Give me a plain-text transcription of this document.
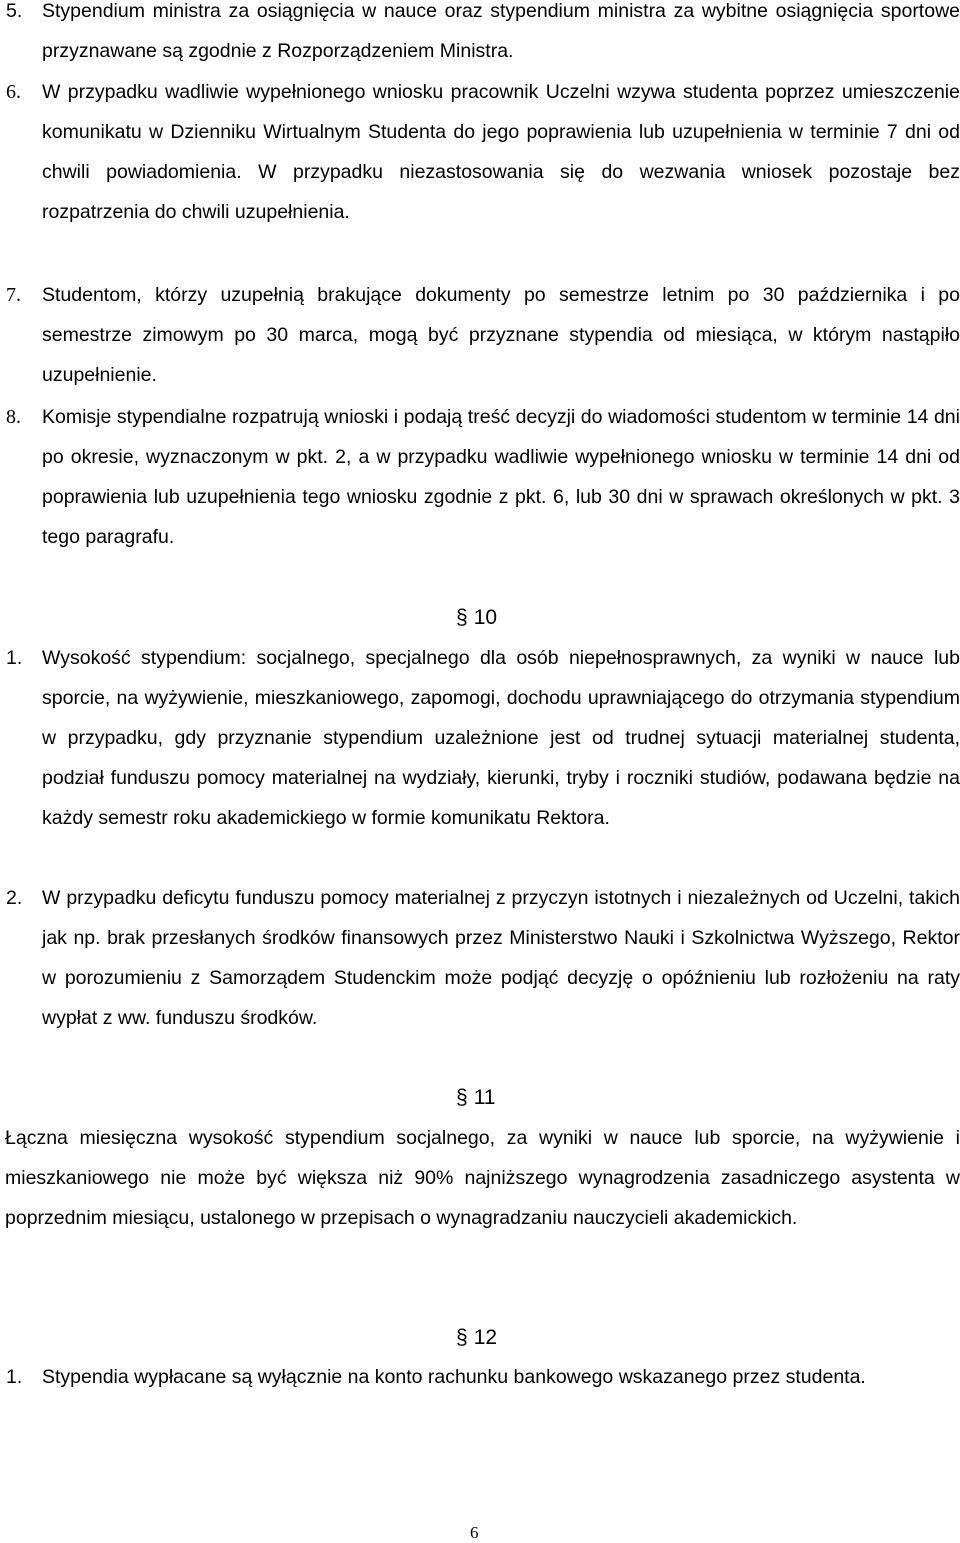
5.	Stypendium ministra za osiągnięcia w nauce oraz stypendium ministra za wybitne osiągnięcia sportowe przyznawane są zgodnie z Rozporządzeniem Ministra.
6.	W przypadku wadliwie wypełnionego wniosku pracownik Uczelni wzywa studenta poprzez umieszczenie komunikatu w Dzienniku Wirtualnym Studenta do jego poprawienia lub uzupełnienia w terminie 7 dni od chwili powiadomienia. W przypadku niezastosowania się do wezwania wniosek pozostaje bez rozpatrzenia do chwili uzupełnienia.
7.	Studentom, którzy uzupełnią brakujące dokumenty po semestrze letnim po 30 października i po semestrze zimowym po 30 marca, mogą być przyznane stypendia od miesiąca, w którym nastąpiło uzupełnienie.
8.	Komisje stypendialne rozpatrują wnioski i podają treść decyzji do wiadomości studentom w terminie 14 dni po okresie, wyznaczonym w pkt. 2, a w przypadku wadliwie wypełnionego wniosku w terminie 14 dni od poprawienia lub uzupełnienia tego wniosku zgodnie z pkt. 6, lub 30 dni w sprawach określonych w pkt. 3 tego paragrafu.
§ 10
1.	Wysokość stypendium: socjalnego, specjalnego dla osób niepełnosprawnych, za wyniki w nauce lub sporcie, na wyżywienie, mieszkaniowego, zapomogi, dochodu uprawniającego do otrzymania stypendium w przypadku, gdy przyznanie stypendium uzależnione jest od trudnej sytuacji materialnej studenta, podział funduszu pomocy materialnej na wydziały, kierunki, tryby i roczniki studiów, podawana będzie na każdy semestr roku akademickiego w formie komunikatu Rektora.
2.	W przypadku deficytu funduszu pomocy materialnej z przyczyn istotnych i niezależnych od Uczelni, takich jak np. brak przesłanych środków finansowych przez Ministerstwo Nauki i Szkolnictwa Wyższego, Rektor w porozumieniu z Samorządem Studenckim może podjąć decyzję o opóźnieniu lub rozłożeniu na raty wypłat z ww. funduszu środków.
§ 11
Łączna miesięczna wysokość stypendium socjalnego, za wyniki w nauce lub sporcie, na wyżywienie i mieszkaniowego nie może być większa niż 90% najniższego wynagrodzenia zasadniczego asystenta w poprzednim miesiącu, ustalonego w przepisach o wynagradzaniu nauczycieli akademickich.
§ 12
1.	Stypendia wypłacane są wyłącznie na konto rachunku bankowego wskazanego przez studenta.
6
